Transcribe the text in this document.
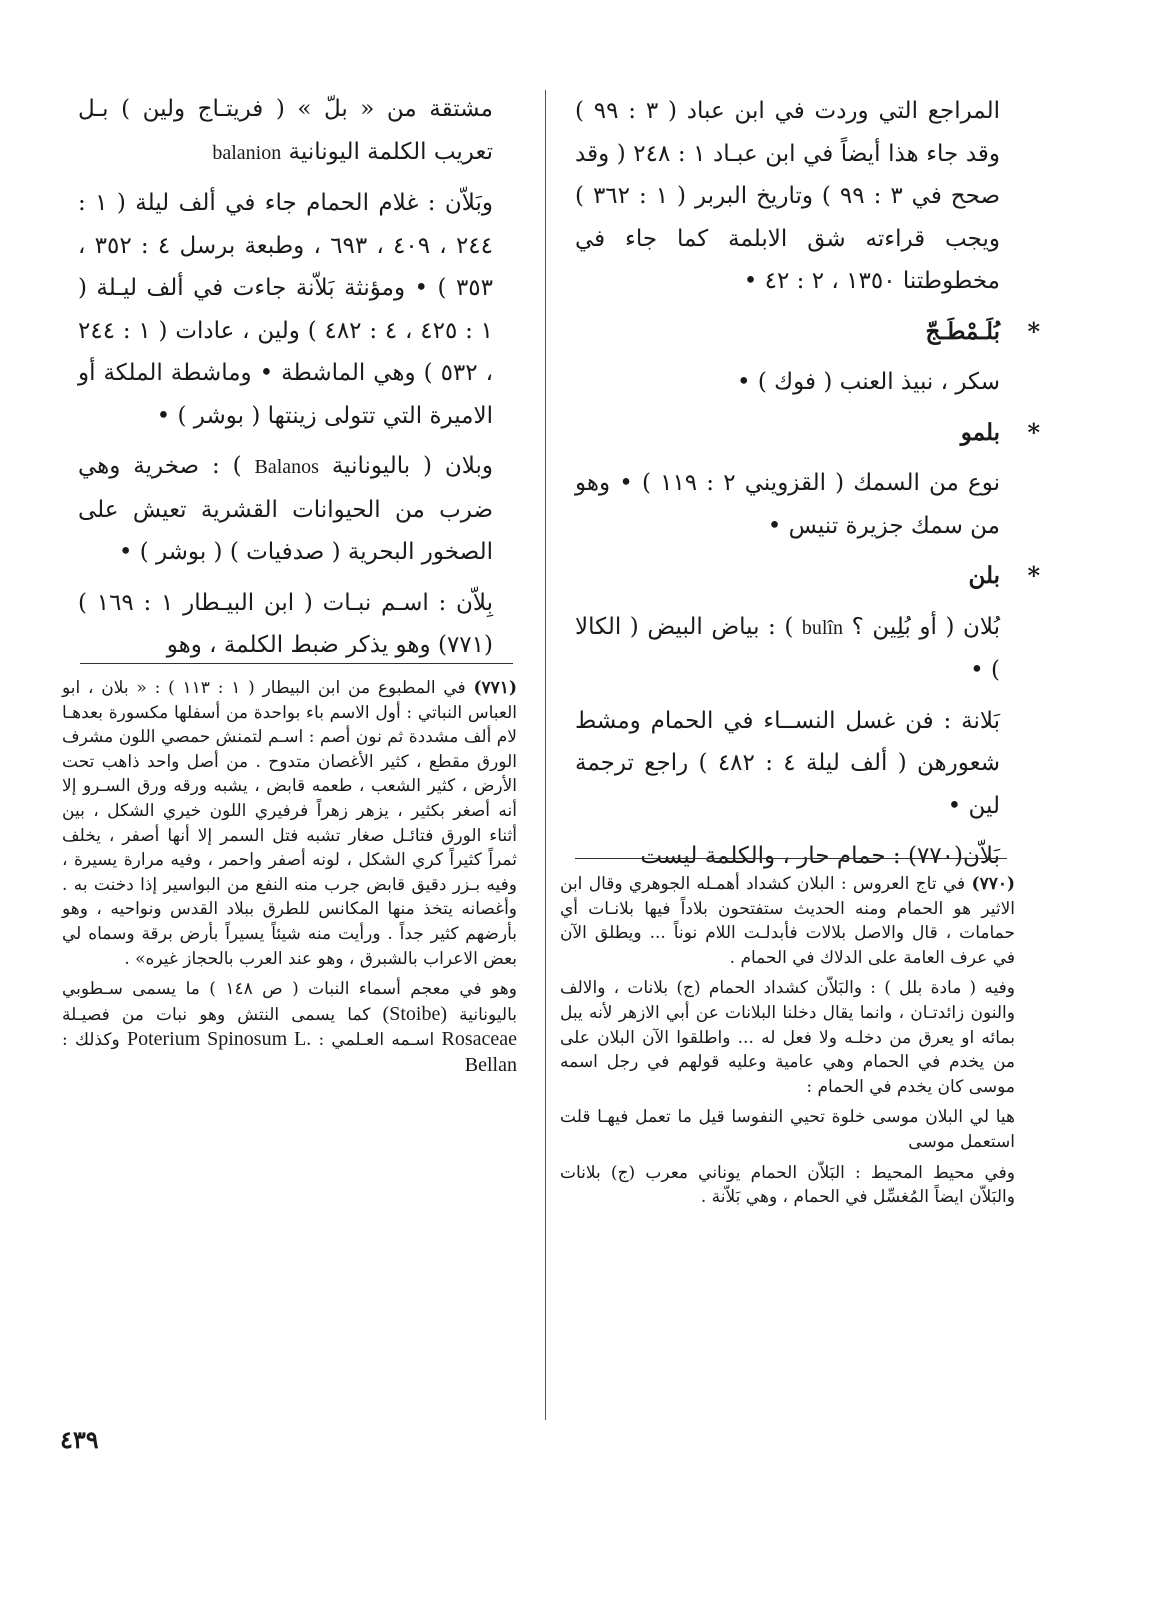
المراجع التي وردت في ابن عباد ( ٣ : ٩٩ ) وقد جاء هذا أيضاً في ابن عبـاد ١ : ٢٤٨ ( وقد صحح في ٣ : ٩٩ ) وتاريخ البربر ( ١ : ٣٦٢ ) ويجب قراءته شق الابلمة كما جاء في مخطوطتنا ١٣٥٠ ، ٢ : ٤٢ •

*
بُلَـمْطَـجّ

سكر ، نبيذ العنب ( فوك ) •

*
بلمو

نوع من السمك ( القزويني ٢ : ١١٩ ) • وهو من سمك جزيرة تنيس •

*
بلن

بُلان ( أو بُلِين ؟ bulîn ) : بياض البيض ( الكالا ) •

بَلانة : فن غسل النســاء في الحمام ومشط شعورهن ( ألف ليلة ٤ : ٤٨٢ ) راجع ترجمة لين •

بَلاّن(٧٧٠) : حمام حار ، والكلمة ليست

مشتقة من « بلّ » ( فريتـاج ولين ) بـل تعريب الكلمة اليونانية balanion

وبَلاّن : غلام الحمام جاء في ألف ليلة ( ١ : ٢٤٤ ، ٤٠٩ ، ٦٩٣ ، وطبعة برسل ٤ : ٣٥٢ ، ٣٥٣ ) • ومؤنثة بَلاّنة جاءت في ألف ليـلة ( ١ : ٤٢٥ ، ٤ : ٤٨٢ ) ولين ، عادات ( ١ : ٢٤٤ ، ٥٣٢ ) وهي الماشطة • وماشطة الملكة أو الاميرة التي تتولى زينتها ( بوشر ) •

وبلان ( باليونانية Balanos ) : صخرية وهي ضرب من الحيوانات القشرية تعيش على الصخور البحرية ( صدفيات ) ( بوشر ) •

بِلاّن : اسـم نبـات ( ابن البيـطار ١ : ١٦٩ )(٧٧١) وهو يذكر ضبط الكلمة ، وهو

(٧٧٠) في تاج العروس : البلان كشداد أهمـله الجوهري وقال ابن الاثير هو الحمام ومنه الحديث ستفتحون بلاداً فيها بلانـات أي حمامات ، قال والاصل بلالات فأبدلـت اللام نوناً ... ويطلق الآن في عرف العامة على الدلاك في الحمام .

وفيه ( مادة بلل ) : والبَلاّن كشداد الحمام (ج) بلانات ، والالف والنون زائدتـان ، وانما يقال دخلنا البلانات عن أبي الازهر لأنه يبل بمائه او يعرق من دخلـه ولا فعل له ... واطلقوا الآن البلان على من يخدم في الحمام وهي عامية وعليه قولهم في رجل اسمه موسى كان يخدم في الحمام :

هيا لي البلان موسى خلوة تحيي النفوسا قيل ما تعمل فيهـا قلت استعمل موسى

وفي محيط المحيط : البَلاّن الحمام يوناني معرب (ج) بلانات والبَلاّن ايضاً المُغسِّل في الحمام ، وهي بَلاّنة .

(٧٧١) في المطبوع من ابن البيطار ( ١ : ١١٣ ) : « بلان ، ابو العباس النباتي : أول الاسم باء بواحدة من أسفلها مكسورة بعدهـا لام ألف مشددة ثم نون أصم : اسـم لتمنش حمصي اللون مشرف الورق مقطع ، كثير الأغصان متدوح . من أصل واحد ذاهب تحت الأرض ، كثير الشعب ، طعمه قابض ، يشبه ورقه ورق السـرو إلا أنه أصغر بكثير ، يزهر زهراً فرفيري اللون خيري الشكل ، بين أثناء الورق فتائـل صغار تشبه فتل السمر إلا أنها أصفر ، يخلف ثمراً كثيراً كري الشكل ، لونه أصفر واحمر ، وفيه مرارة يسيرة ، وفيه بـزر دقيق قابض جرب منه النفع من البواسير إذا دخنت به . وأغصانه يتخذ منها المكانس للطرق ببلاد القدس ونواحيه ، وهو بأرضهم كثير جداً . ورأيت منه شيئاً يسيراً بأرض برقة وسماه لي بعض الاعراب بالشبرق ، وهو عند العرب بالحجاز غيره» .

وهو في معجم أسماء النبات ( ص ١٤٨ ) ما يسمى سـطوبي باليونانية (Stoibe) كما يسمى النتش وهو نبات من فصيـلة Rosaceae اسـمه العـلمي : Poterium Spinosum L. وكذلك : Bellan

٤٣٩
